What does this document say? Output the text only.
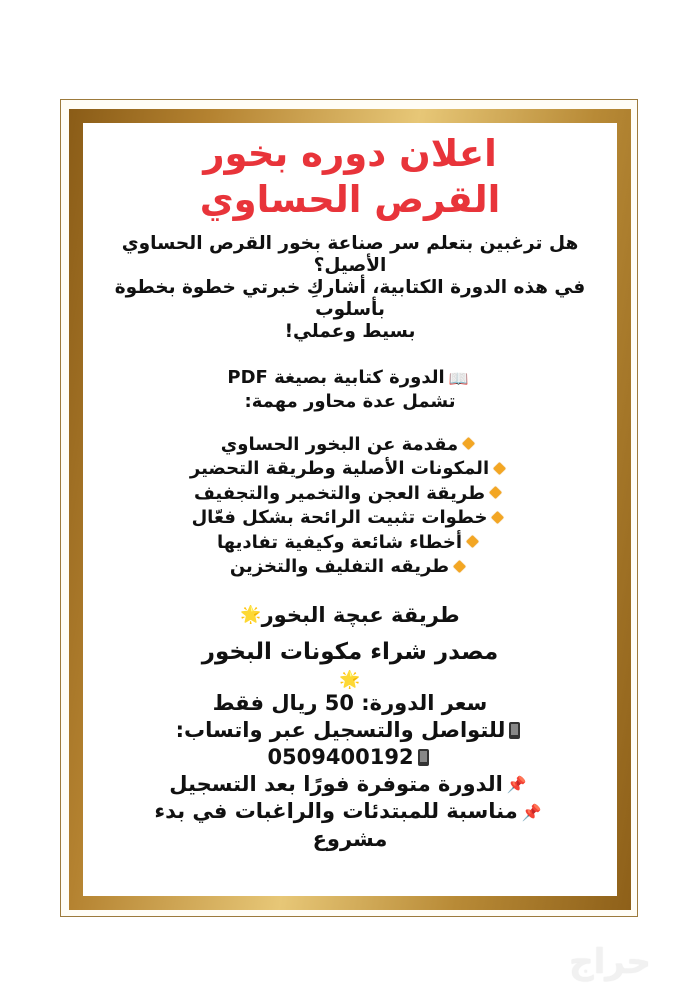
اعلان دوره بخور
القرص الحساوي
هل ترغبين بتعلم سر صناعة بخور القرص الحساوي الأصيل؟
في هذه الدورة الكتابية، أشاركِ خبرتي خطوة بخطوة بأسلوب
بسيط وعملي!
📖الدورة كتابية بصيغة PDF
تشمل عدة محاور مهمة:
مقدمة عن البخور الحساوي
المكونات الأصلية وطريقة التحضير
طريقة العجن والتخمير والتجفيف
خطوات تثبيت الرائحة بشكل فعّال
أخطاء شائعة وكيفية تفاديها
طريقه التفليف والتخزين
طريقة عبچة البخور🌟
مصدر شراء مكونات البخور
🌟
سعر الدورة: 50 ريال فقط
للتواصل والتسجيل عبر واتساب:
0509400192
📌الدورة متوفرة فورًا بعد التسجيل
📌مناسبة للمبتدئات والراغبات في بدء
مشروع
حراج
